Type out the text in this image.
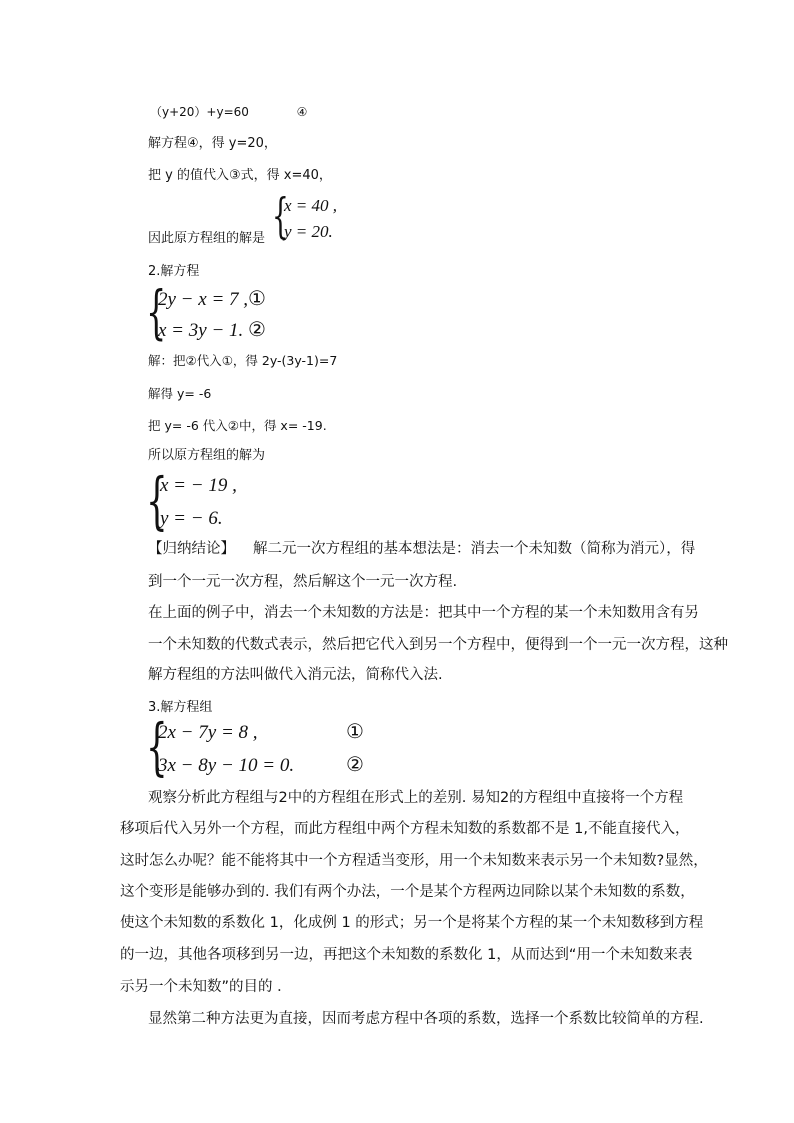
（y+20）+y=60	④
解方程④，得 y=20，
把 y 的值代入③式，得 x=40，
因此原方程组的解是 {
x = 40 ,
y = 20.
2.解方程
{
2y − x = 7 ,①
x = 3y − 1. ②
解：把②代入①，得 2y-(3y-1)=7
解得 y= -6
把 y= -6 代入②中，得 x= -19.
所以原方程组的解为
{
x = − 19 ,
y = − 6.
【归纳结论】 解二元一次方程组的基本想法是：消去一个未知数（简称为消元），得
到一个一元一次方程，然后解这个一元一次方程.
在上面的例子中，消去一个未知数的方法是：把其中一个方程的某一个未知数用含有另
一个未知数的代数式表示，然后把它代入到另一个方程中，便得到一个一元一次方程，这种
解方程组的方法叫做代入消元法，简称代入法.
3.解方程组
{
2x − 7y = 8 ,	①
3x − 8y − 10 = 0.	②
观察分析此方程组与2中的方程组在形式上的差别. 易知2的方程组中直接将一个方程
移项后代入另外一个方程，而此方程组中两个方程未知数的系数都不是 1,不能直接代入，
这时怎么办呢？能不能将其中一个方程适当变形，用一个未知数来表示另一个未知数?显然，
这个变形是能够办到的. 我们有两个办法，一个是某个方程两边同除以某个未知数的系数，
使这个未知数的系数化 1，化成例 1 的形式；另一个是将某个方程的某一个未知数移到方程
的一边，其他各项移到另一边，再把这个未知数的系数化 1，从而达到“用一个未知数来表
示另一个未知数”的目的 ．
显然第二种方法更为直接，因而考虑方程中各项的系数，选择一个系数比较简单的方程.
